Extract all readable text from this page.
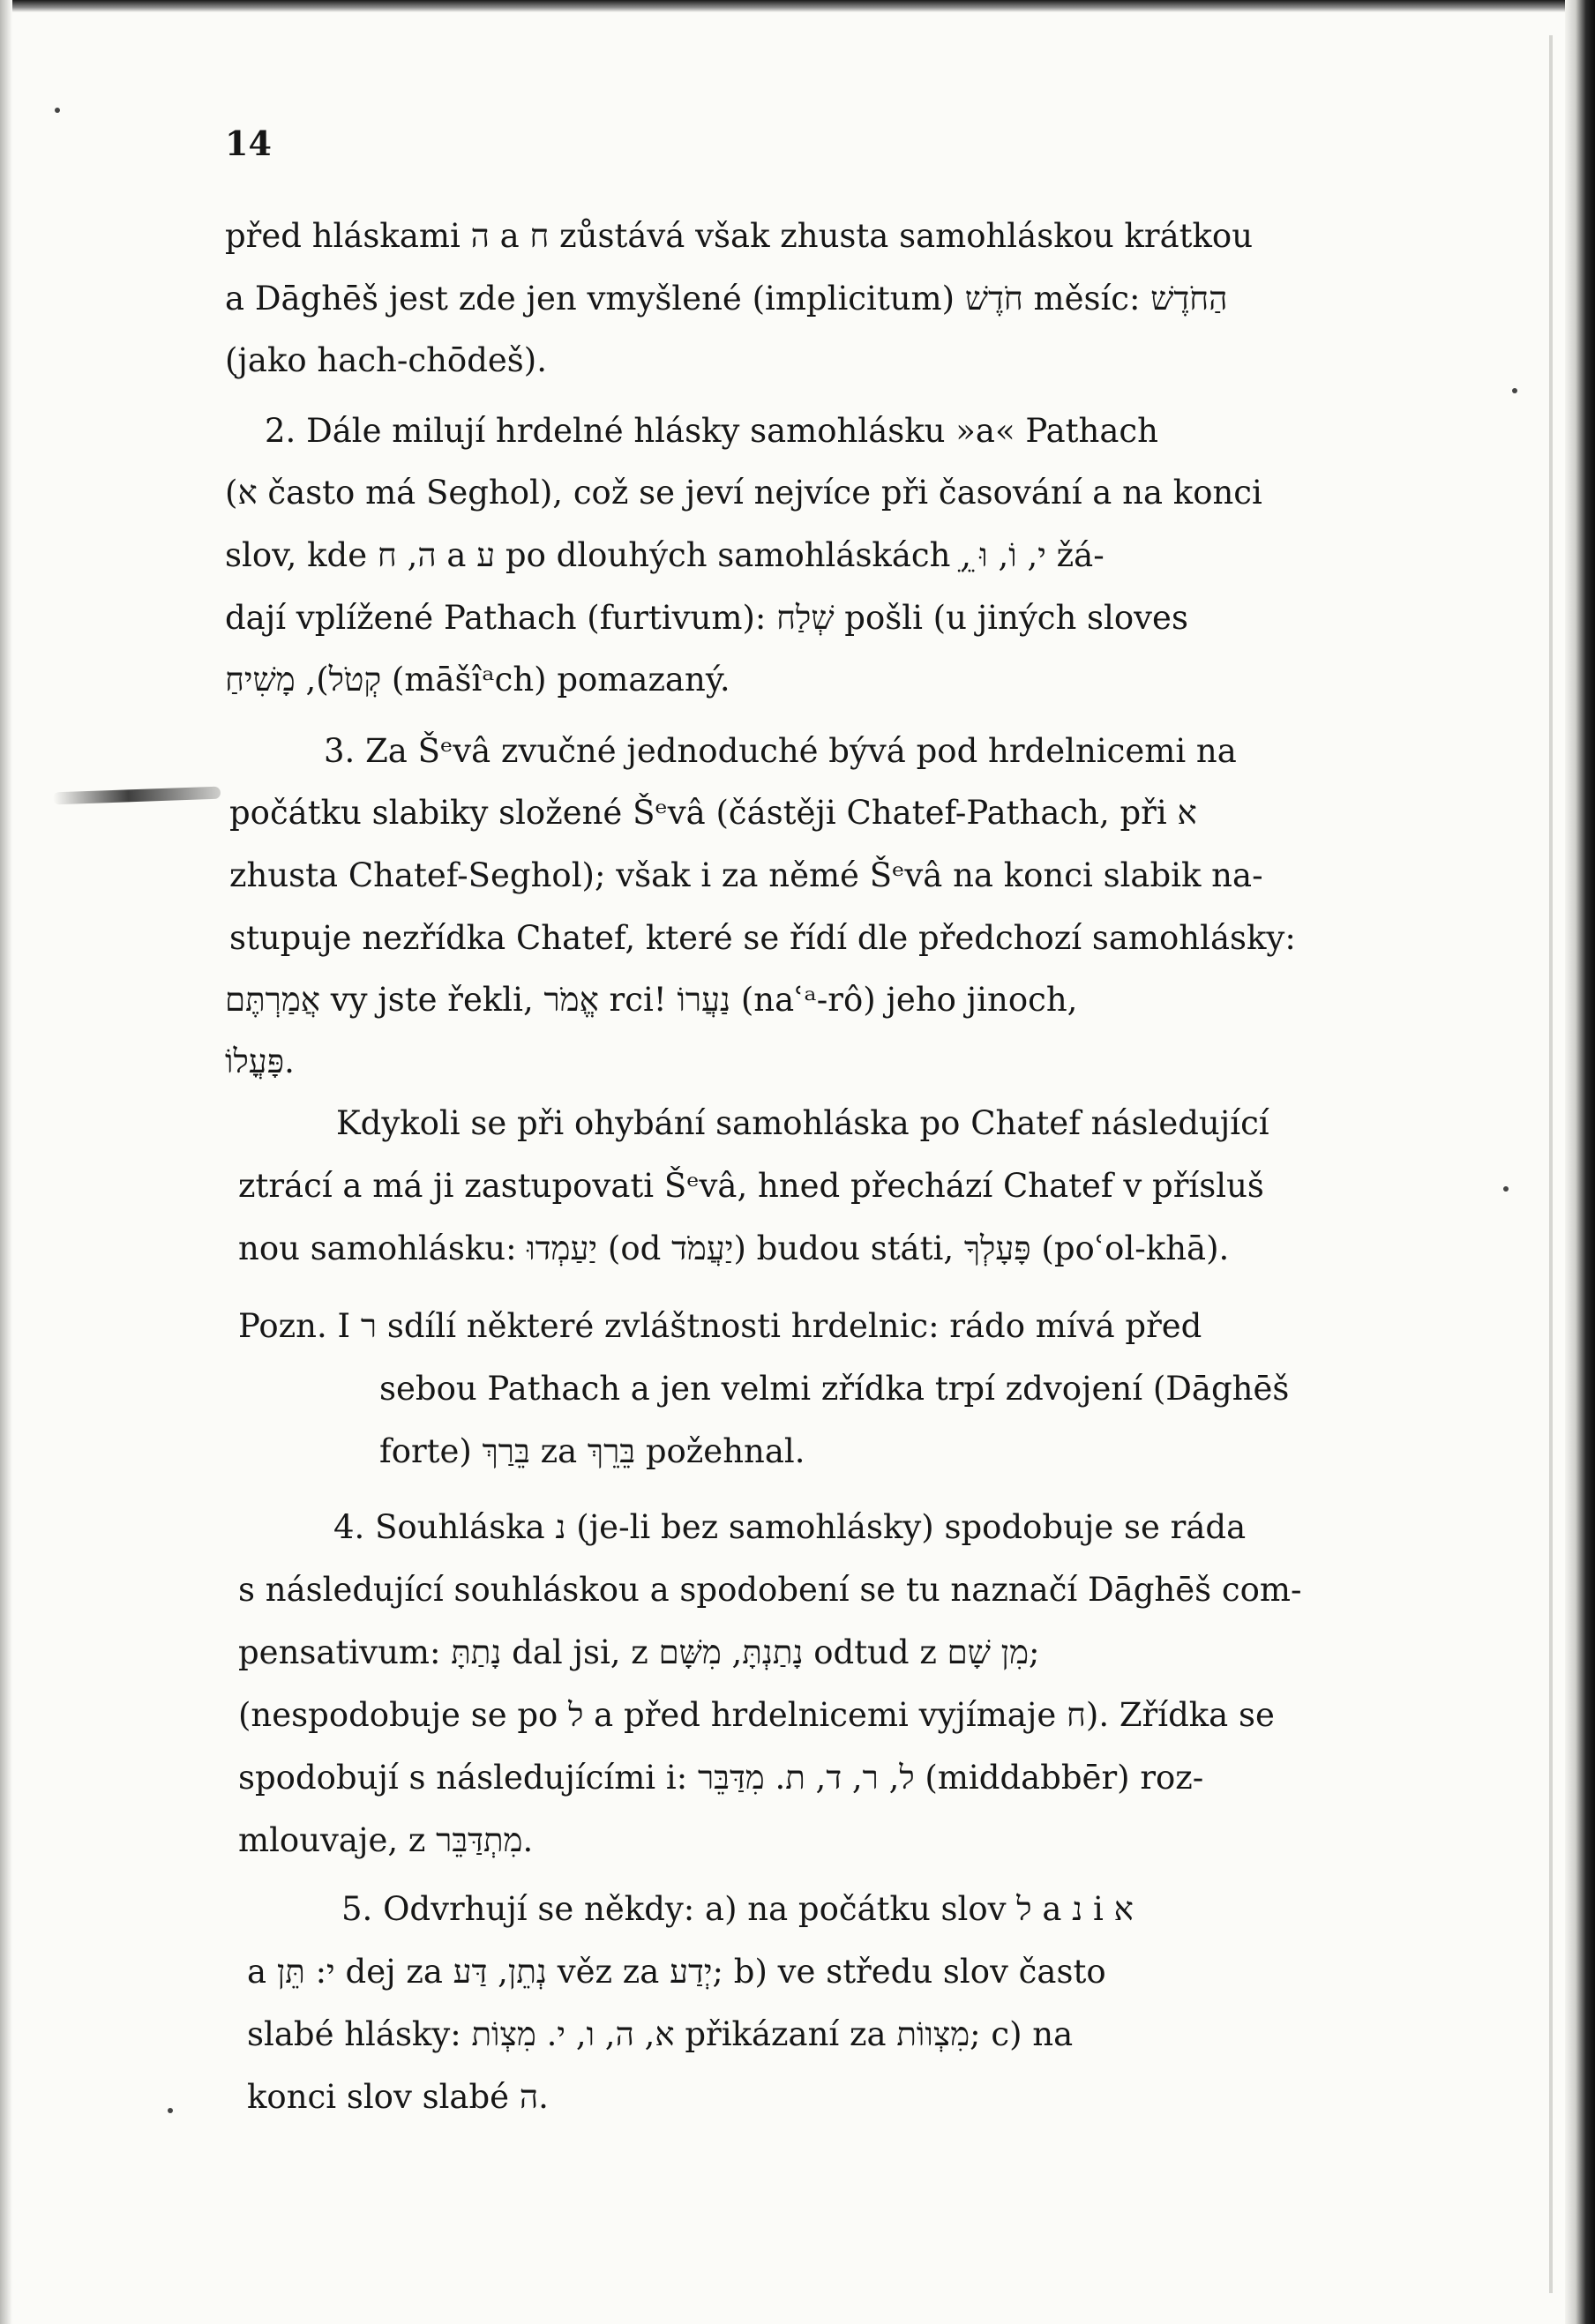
14
před hláskami ה a ח zůstává však zhusta samohláskou krátkou
a Dāghēš jest zde jen vmyšlené (implicitum) חֹדֶשׁ měsíc: הַחֹדֶשׁ
(jako hach-chōdeš).
2. Dále milují hrdelné hlásky samohlásku »a« Pathach
(א často má Seghol), což se jeví nejvíce při časování a na konci
slov, kde ה, ח a ע po dlouhých samohláskách ֵ, ֵי, וֹ, וּ žá-
dají vplížené Pathach (furtivum): שְׁלַח pošli (u jiných sloves
קְטֹל), מָשִׁיחַ (māšîᵃch) pomazaný.
3. Za Šᵉvâ zvučné jednoduché bývá pod hrdelnicemi na
počátku slabiky složené Šᵉvâ (částěji Chatef-Pathach, při א
zhusta Chatef-Seghol); však i za němé Šᵉvâ na konci slabik na-
stupuje nezřídka Chatef, které se řídí dle předchozí samohlásky:
אֲמַרְתֶּם vy jste řekli, אֱמֹר rci! נַעֲרוֹ (naʿᵃ-rô) jeho jinoch,
פָּעֳלוֹ.
Kdykoli se při ohybání samohláska po Chatef následující
ztrácí a má ji zastupovati Šᵉvâ, hned přechází Chatef v přísluš
nou samohlásku: יַעַמְדוּ (od יַעֲמֹד) budou státi, פָּעָלְךָ (poʿol-khā).
Pozn. I ר sdílí některé zvláštnosti hrdelnic: rádo mívá před
sebou Pathach a jen velmi zřídka trpí zdvojení (Dāghēš
forte) בֵּרַךְ za בֵּרֵךְ požehnal.
4. Souhláska נ (je-li bez samohlásky) spodobuje se ráda
s následující souhláskou a spodobení se tu naznačí Dāghēš com-
pensativum: נָתַתָּ dal jsi, z נָתַנְתָּ, מִשָּׁם odtud z מִן שָׁם;
(nespodobuje se po ל a před hrdelnicemi vyjímaje ח). Zřídka se
spodobují s následujícími i: ל, ר, ד, ת. מִדַּבֵּר (middabbēr) roz-
mlouvaje, z מִתְדַּבֵּר.
5. Odvrhují se někdy: a) na počátku slov ל a נ i א
a י: תֵּן dej za נְתֵן, דַּע věz za יְדַע; b) ve středu slov často
slabé hlásky: א, ה, ו, י. מִצְוֹת přikázaní za מִצְווֹת; c) na
konci slov slabé ה.
